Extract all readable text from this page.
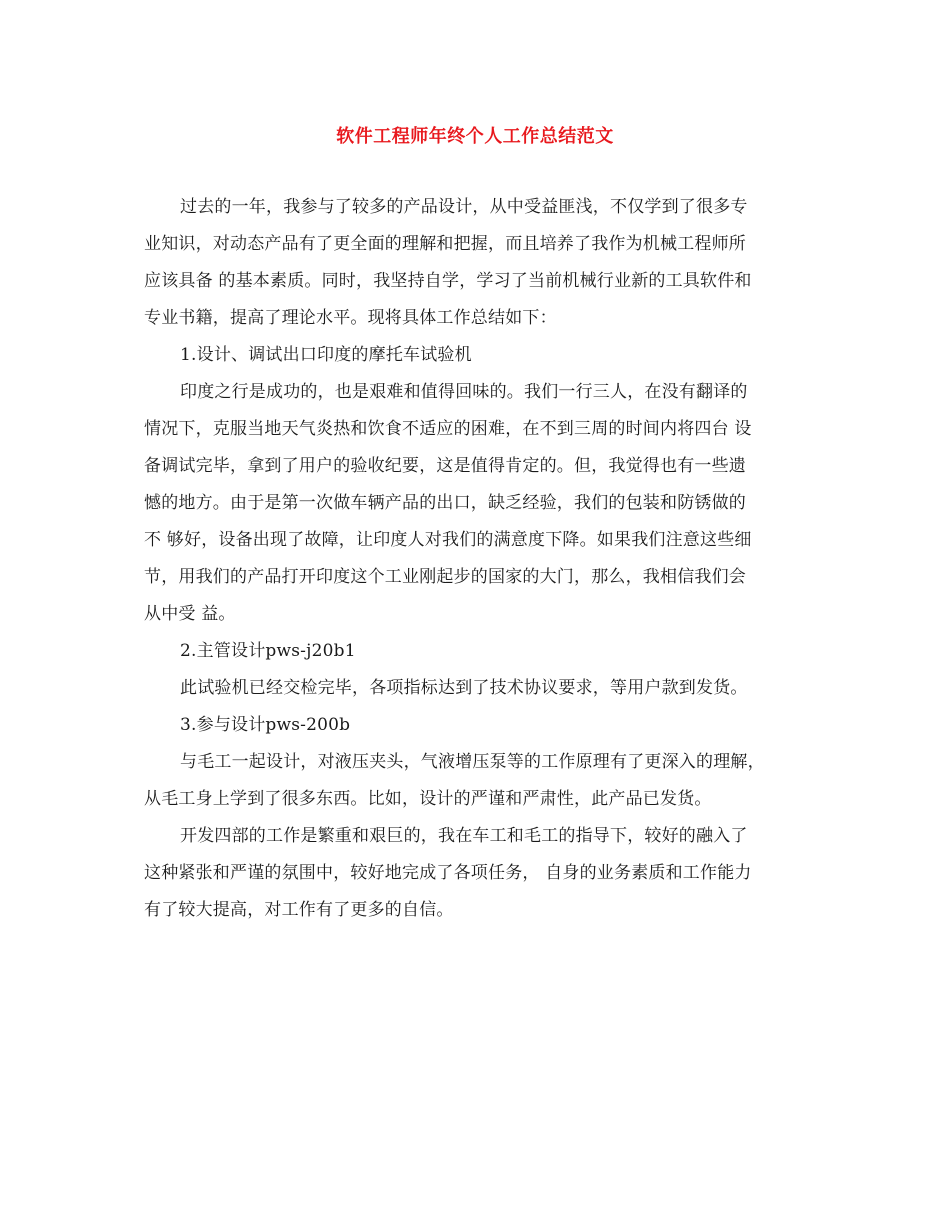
软件工程师年终个人工作总结范文
过去的一年，我参与了较多的产品设计，从中受益匪浅，不仅学到了很多专
业知识，对动态产品有了更全面的理解和把握，而且培养了我作为机械工程师所
应该具备 的基本素质。同时，我坚持自学，学习了当前机械行业新的工具软件和
专业书籍，提高了理论水平。现将具体工作总结如下：
1.设计、调试出口印度的摩托车试验机
印度之行是成功的，也是艰难和值得回味的。我们一行三人，在没有翻译的
情况下，克服当地天气炎热和饮食不适应的困难，在不到三周的时间内将四台 设
备调试完毕，拿到了用户的验收纪要，这是值得肯定的。但，我觉得也有一些遗
憾的地方。由于是第一次做车辆产品的出口，缺乏经验，我们的包装和防锈做的
不 够好，设备出现了故障，让印度人对我们的满意度下降。如果我们注意这些细
节，用我们的产品打开印度这个工业刚起步的国家的大门，那么，我相信我们会
从中受 益。
2.主管设计pws-j20b1
此试验机已经交检完毕，各项指标达到了技术协议要求，等用户款到发货。
3.参与设计pws-200b
与毛工一起设计，对液压夹头，气液增压泵等的工作原理有了更深入的理解，
从毛工身上学到了很多东西。比如，设计的严谨和严肃性，此产品已发货。
开发四部的工作是繁重和艰巨的，我在车工和毛工的指导下，较好的融入了
这种紧张和严谨的氛围中，较好地完成了各项任务， 自身的业务素质和工作能力
有了较大提高，对工作有了更多的自信。
